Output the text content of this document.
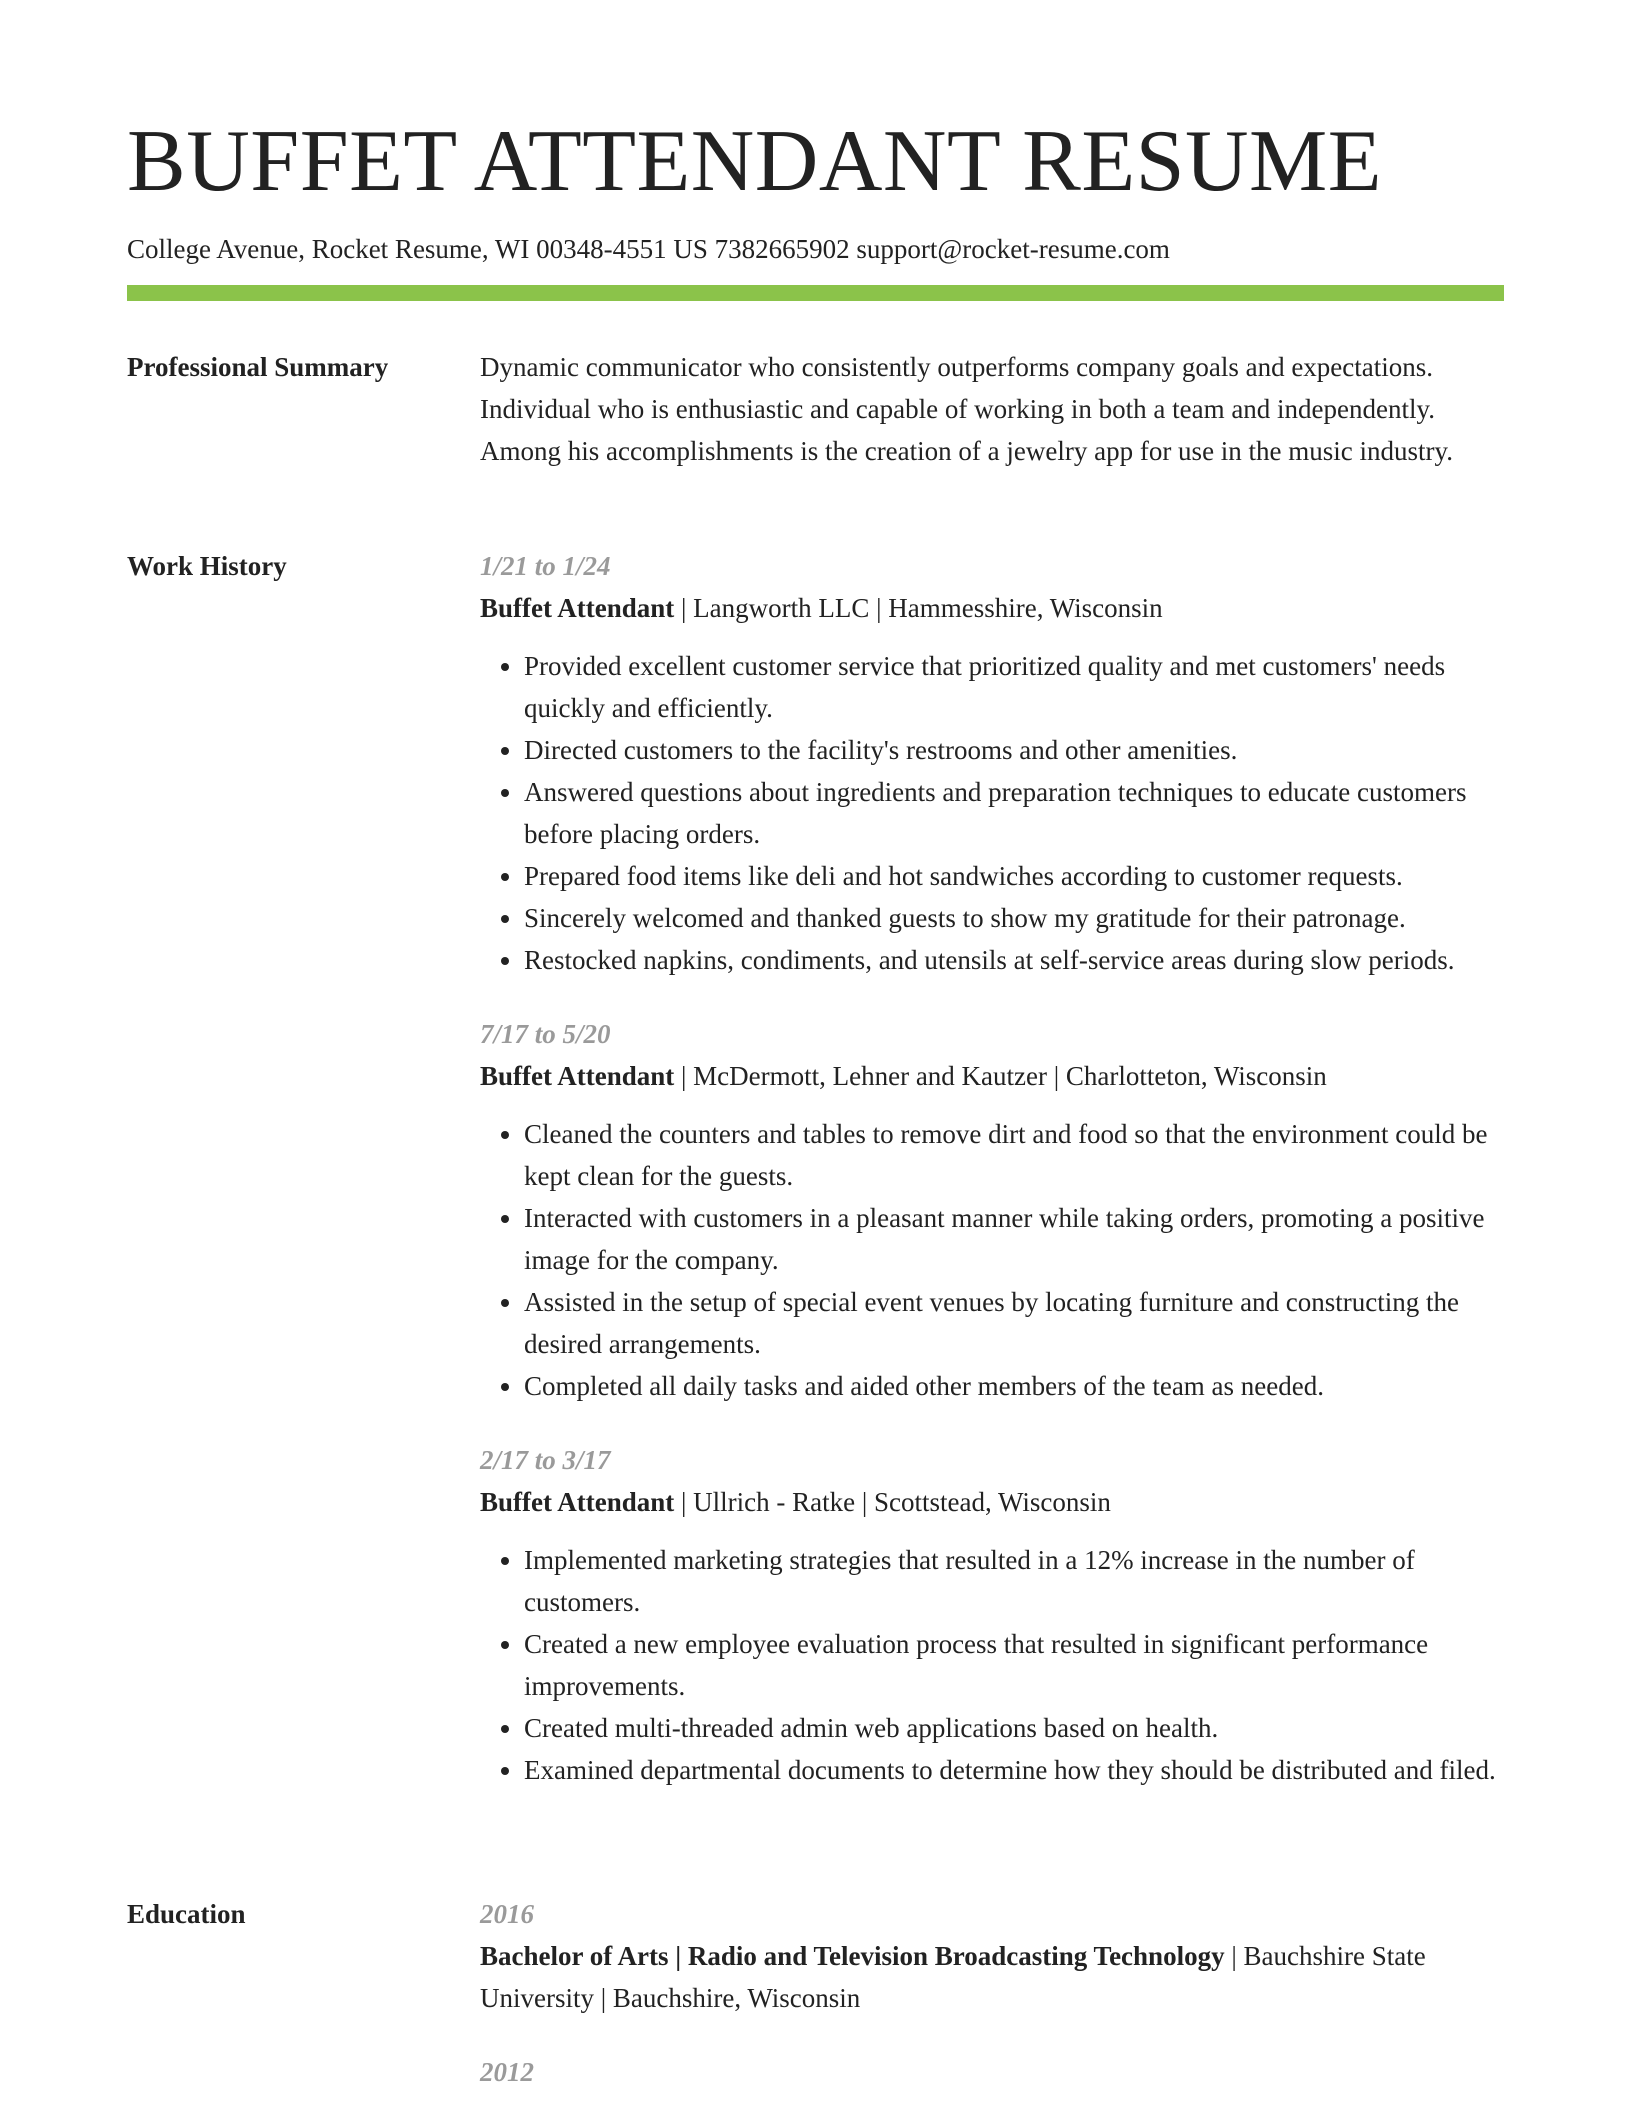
BUFFET ATTENDANT RESUME
College Avenue, Rocket Resume, WI 00348-4551 US 7382665902 support@rocket-resume.com
Professional Summary	Dynamic communicator who consistently outperforms company goals and expectations. Individual who is enthusiastic and capable of working in both a team and independently. Among his accomplishments is the creation of a jewelry app for use in the music industry.

Work History	1/21 to 1/24
Buffet Attendant | Langworth LLC | Hammesshire, Wisconsin
• Provided excellent customer service that prioritized quality and met customers' needs quickly and efficiently.
• Directed customers to the facility's restrooms and other amenities.
• Answered questions about ingredients and preparation techniques to educate customers before placing orders.
• Prepared food items like deli and hot sandwiches according to customer requests.
• Sincerely welcomed and thanked guests to show my gratitude for their patronage.
• Restocked napkins, condiments, and utensils at self-service areas during slow periods.
7/17 to 5/20
Buffet Attendant | McDermott, Lehner and Kautzer | Charlotteton, Wisconsin
• Cleaned the counters and tables to remove dirt and food so that the environment could be kept clean for the guests.
• Interacted with customers in a pleasant manner while taking orders, promoting a positive image for the company.
• Assisted in the setup of special event venues by locating furniture and constructing the desired arrangements.
• Completed all daily tasks and aided other members of the team as needed.
2/17 to 3/17
Buffet Attendant | Ullrich - Ratke | Scottstead, Wisconsin
• Implemented marketing strategies that resulted in a 12% increase in the number of customers.
• Created a new employee evaluation process that resulted in significant performance improvements.
• Created multi-threaded admin web applications based on health.
• Examined departmental documents to determine how they should be distributed and filed.
Education	2016
Bachelor of Arts | Radio and Television Broadcasting Technology | Bauchshire State University | Bauchshire, Wisconsin
2012
